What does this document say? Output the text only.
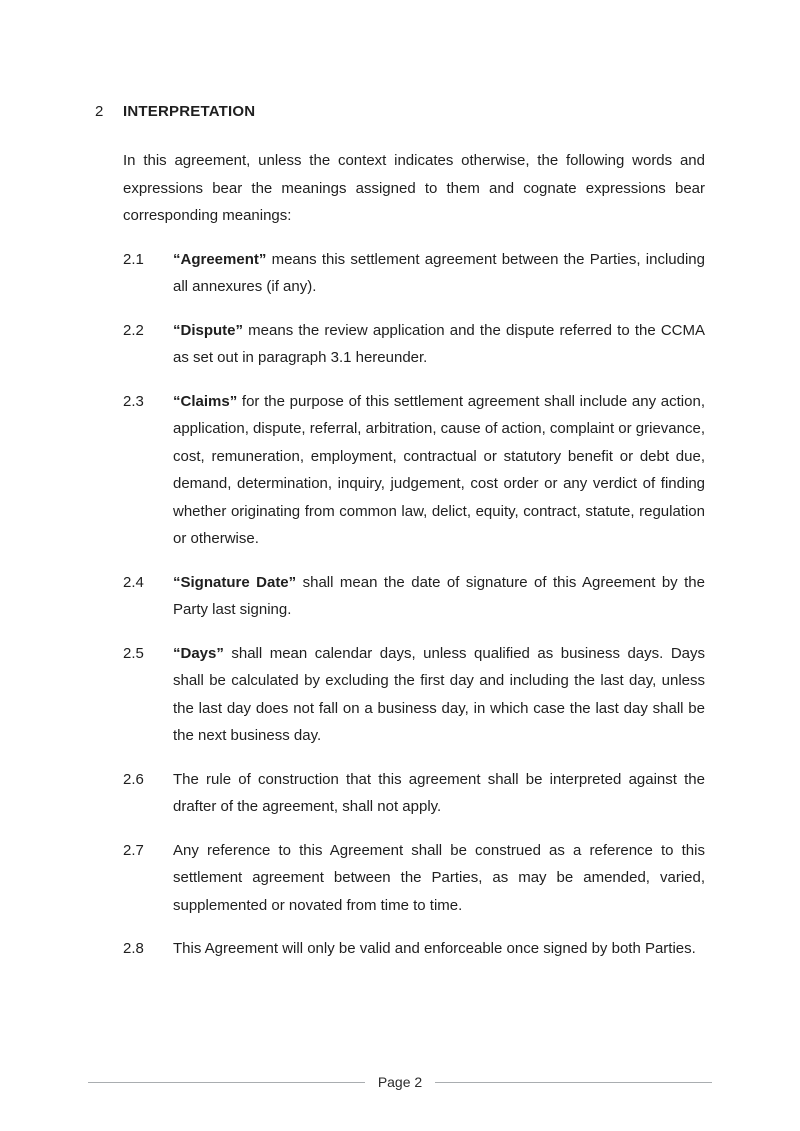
2	INTERPRETATION

In this agreement, unless the context indicates otherwise, the following words and expressions bear the meanings assigned to them and cognate expressions bear corresponding meanings:

2.1	“Agreement” means this settlement agreement between the Parties, including all annexures (if any).

2.2	“Dispute” means the review application and the dispute referred to the CCMA as set out in paragraph 3.1 hereunder.

2.3	“Claims” for the purpose of this settlement agreement shall include any action, application, dispute, referral, arbitration, cause of action, complaint or grievance, cost, remuneration, employment, contractual or statutory benefit or debt due, demand, determination, inquiry, judgement, cost order or any verdict of finding whether originating from common law, delict, equity, contract, statute, regulation or otherwise.

2.4	“Signature Date” shall mean the date of signature of this Agreement by the Party last signing.

2.5	“Days” shall mean calendar days, unless qualified as business days. Days shall be calculated by excluding the first day and including the last day, unless the last day does not fall on a business day, in which case the last day shall be the next business day.

2.6	The rule of construction that this agreement shall be interpreted against the drafter of the agreement, shall not apply.

2.7	Any reference to this Agreement shall be construed as a reference to this settlement agreement between the Parties, as may be amended, varied, supplemented or novated from time to time.

2.8	This Agreement will only be valid and enforceable once signed by both Parties.

Page 2
